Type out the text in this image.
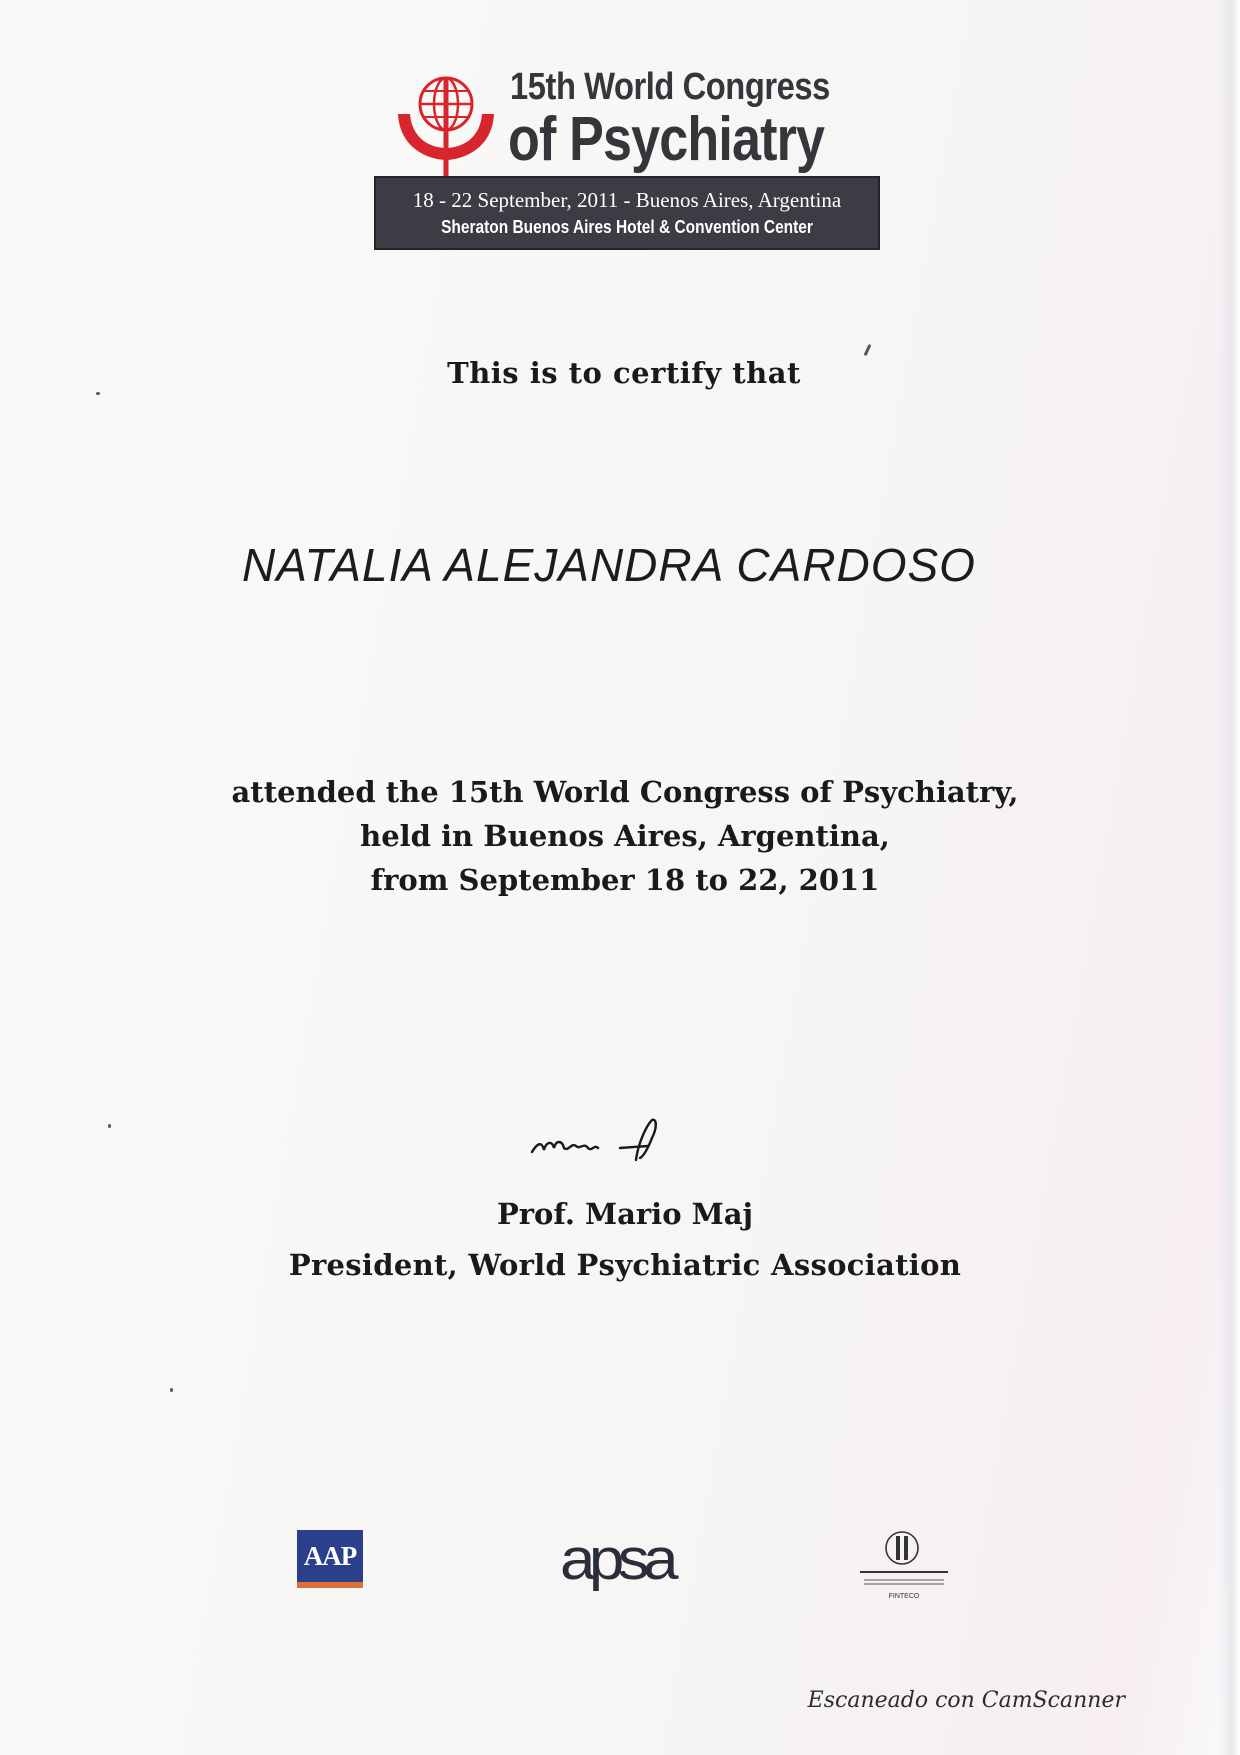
15th World Congress
of Psychiatry
18 - 22 September, 2011 - Buenos Aires, Argentina
Sheraton Buenos Aires Hotel & Convention Center
This is to certify that
NATALIA ALEJANDRA CARDOSO
attended the 15th World Congress of Psychiatry,
held in Buenos Aires, Argentina,
from September 18 to 22, 2011
Prof. Mario Maj
President, World Psychiatric Association
AAP	apsa
FINTECO
Escaneado con CamScanner
